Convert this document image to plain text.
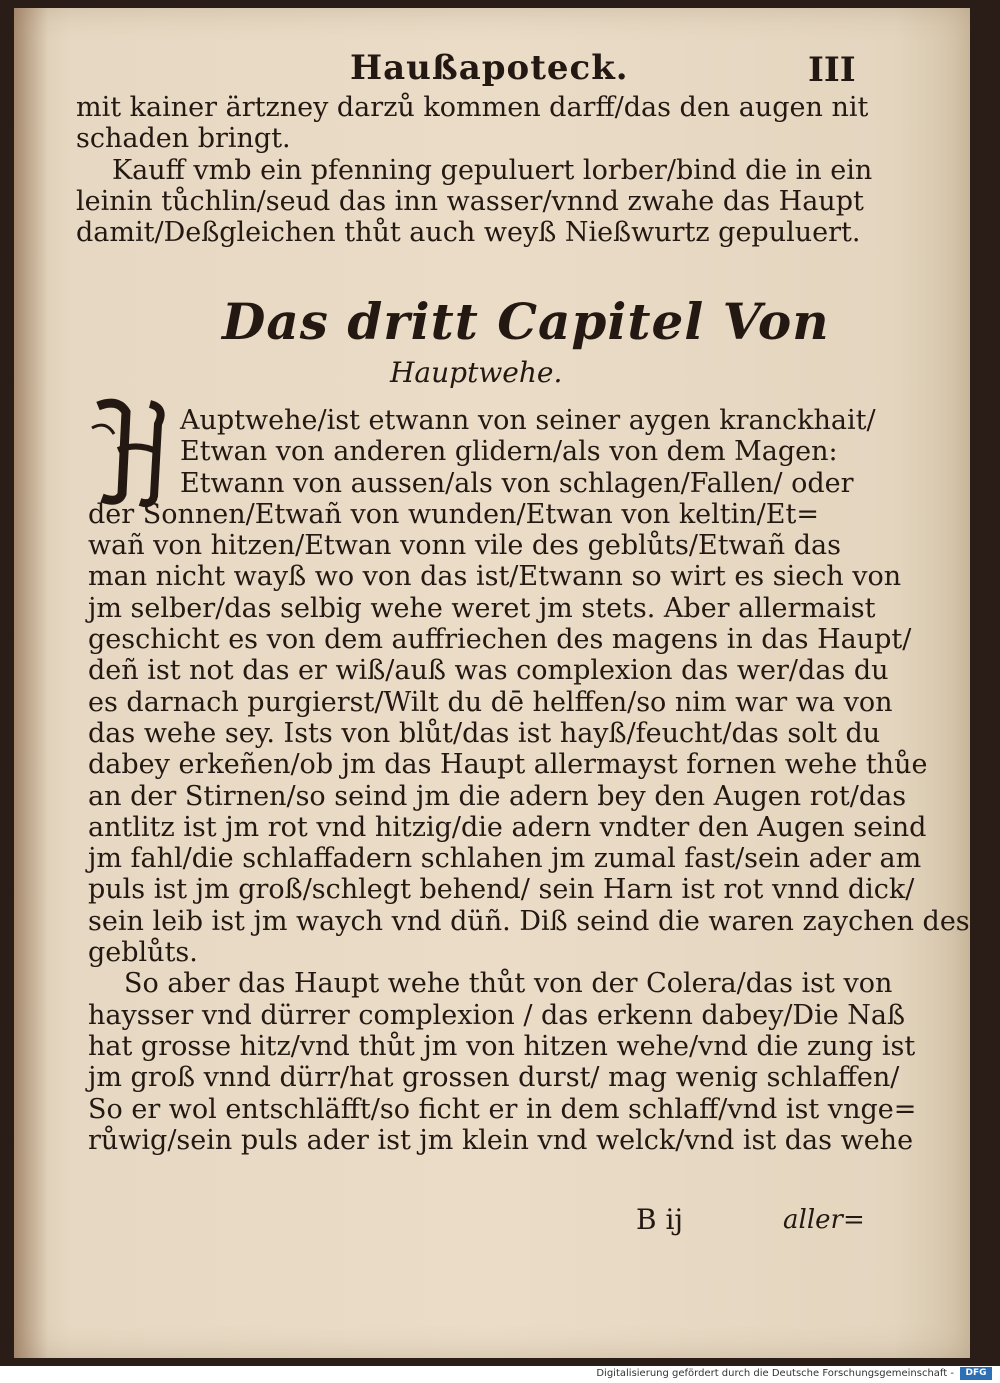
Haußapoteck.	III
mit kainer ärtzney darzů kommen darff/das den augen nit
schaden bringt.
Kauff vmb ein pfenning gepuluert lorber/bind die in ein
leinin tůchlin/seud das inn wasser/vnnd zwahe das Haupt
damit/Deßgleichen thůt auch weyß Nießwurtz gepuluert.
Das dritt Capitel Von
Hauptwehe.
Auptwehe/ist etwann von seiner aygen kranckhait/
Etwan von anderen glidern/als von dem Magen:
Etwann von aussen/als von schlagen/Fallen/ oder
der Sonnen/Etwañ von wunden/Etwan von keltin/Et=
wañ von hitzen/Etwan vonn vile des geblůts/Etwañ das
man nicht wayß wo von das ist/Etwann so wirt es siech von
jm selber/das selbig wehe weret jm stets. Aber allermaist
geschicht es von dem auffriechen des magens in das Haupt/
deñ ist not das er wiß/auß was complexion das wer/das du
es darnach purgierst/Wilt du dē helffen/so nim war wa von
das wehe sey. Ists von blůt/das ist hayß/feucht/das solt du
dabey erkeñen/ob jm das Haupt allermayst fornen wehe thůe
an der Stirnen/so seind jm die adern bey den Augen rot/das
antlitz ist jm rot vnd hitzig/die adern vndter den Augen seind
jm fahl/die schlaffadern schlahen jm zumal fast/sein ader am
puls ist jm groß/schlegt behend/ sein Harn ist rot vnnd dick/
sein leib ist jm waych vnd düñ. Diß seind die waren zaychen des
geblůts.
So aber das Haupt wehe thůt von der Colera/das ist von
haysser vnd dürrer complexion / das erkenn dabey/Die Naß
hat grosse hitz/vnd thůt jm von hitzen wehe/vnd die zung ist
jm groß vnnd dürr/hat grossen durst/ mag wenig schlaffen/
So er wol entschläfft/so ficht er in dem schlaff/vnd ist vnge=
růwig/sein puls ader ist jm klein vnd welck/vnd ist das wehe
B ij	aller=
Digitalisierung gefördert durch die Deutsche Forschungsgemeinschaft -	DFG
